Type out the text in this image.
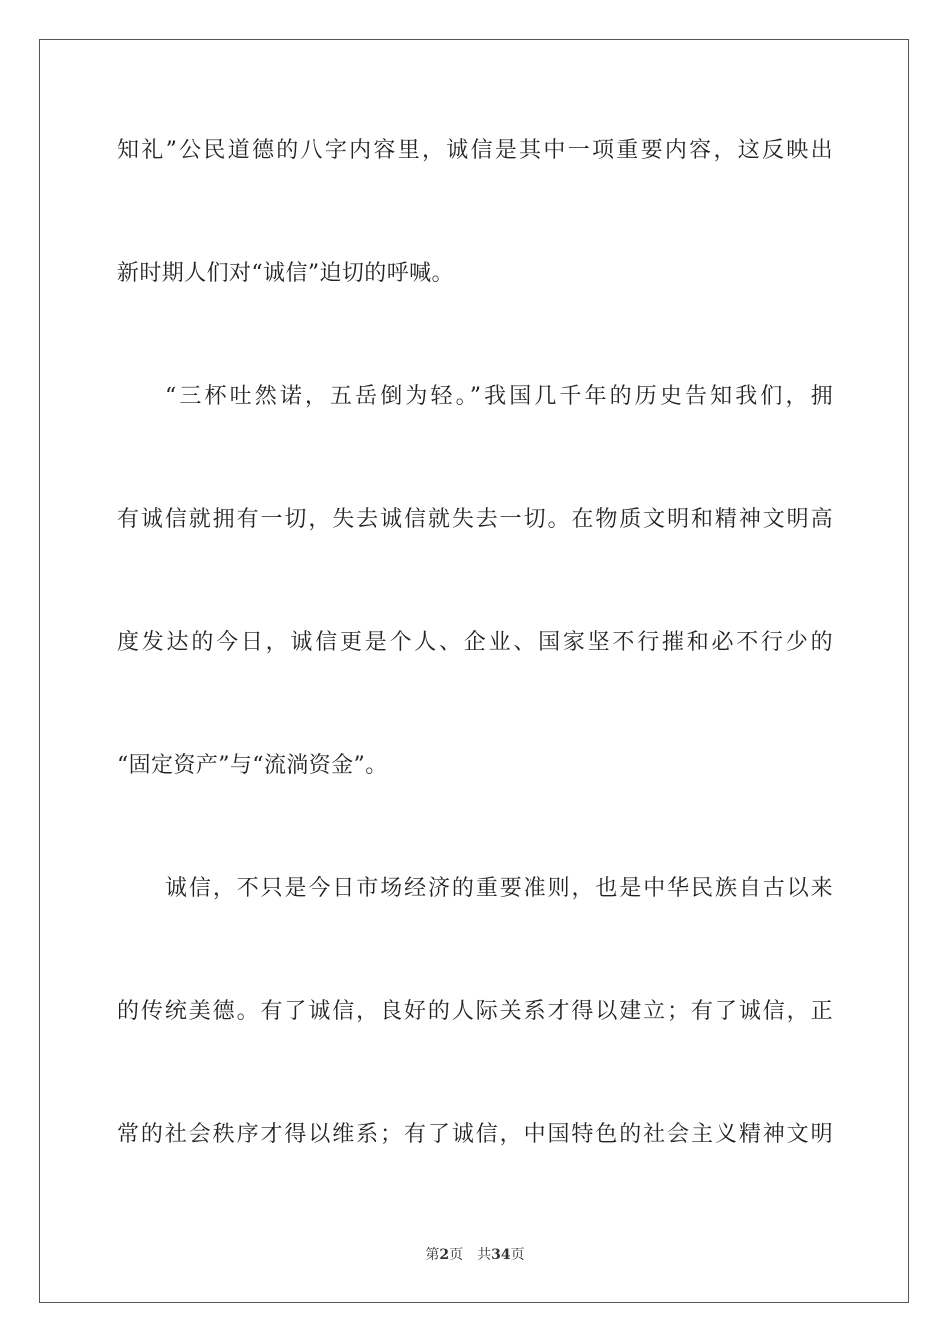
知礼”公民道德的八字内容里，诚信是其中一项重要内容，这反映出
新时期人们对“诚信”迫切的呼喊。
“三杯吐然诺，五岳倒为轻。”我国几千年的历史告知我们，拥
有诚信就拥有一切，失去诚信就失去一切。在物质文明和精神文明高
度发达的今日，诚信更是个人、企业、国家坚不行摧和必不行少的
“固定资产”与“流淌资金”。
诚信，不只是今日市场经济的重要准则，也是中华民族自古以来
的传统美德。有了诚信，良好的人际关系才得以建立；有了诚信，正
常的社会秩序才得以维系；有了诚信，中国特色的社会主义精神文明
第2页 共34页
